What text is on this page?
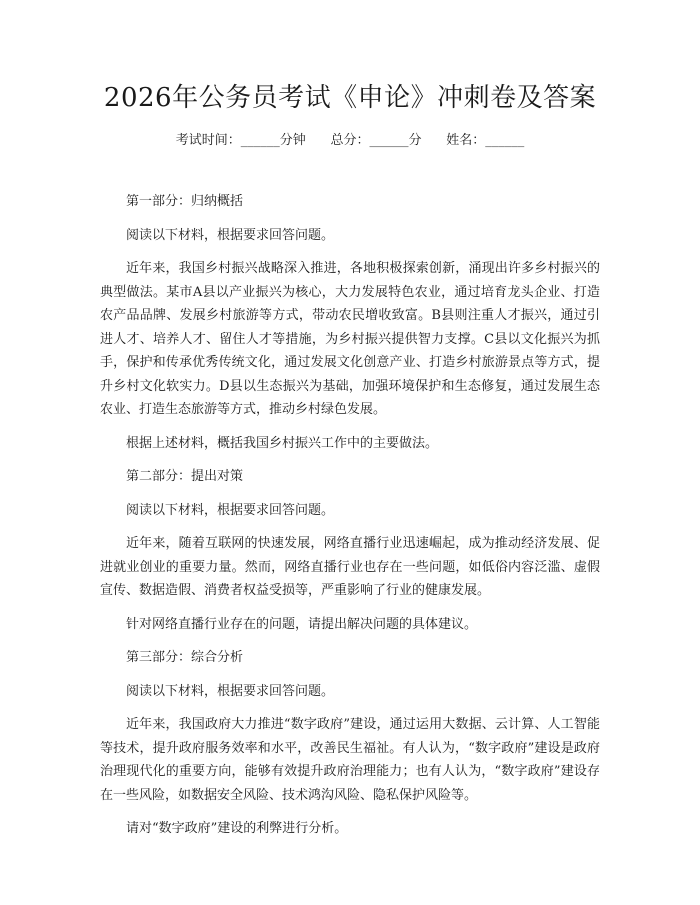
2026年公务员考试《申论》冲刺卷及答案
考试时间：______分钟      总分：______分      姓名：______

第一部分：归纳概括

阅读以下材料，根据要求回答问题。

近年来，我国乡村振兴战略深入推进，各地积极探索创新，涌现出许多乡村振兴的典型做法。某市A县以产业振兴为核心，大力发展特色农业，通过培育龙头企业、打造农产品品牌、发展乡村旅游等方式，带动农民增收致富。B县则注重人才振兴，通过引进人才、培养人才、留住人才等措施，为乡村振兴提供智力支撑。C县以文化振兴为抓手，保护和传承优秀传统文化，通过发展文化创意产业、打造乡村旅游景点等方式，提升乡村文化软实力。D县以生态振兴为基础，加强环境保护和生态修复，通过发展生态农业、打造生态旅游等方式，推动乡村绿色发展。

根据上述材料，概括我国乡村振兴工作中的主要做法。

第二部分：提出对策

阅读以下材料，根据要求回答问题。

近年来，随着互联网的快速发展，网络直播行业迅速崛起，成为推动经济发展、促进就业创业的重要力量。然而，网络直播行业也存在一些问题，如低俗内容泛滥、虚假宣传、数据造假、消费者权益受损等，严重影响了行业的健康发展。

针对网络直播行业存在的问题，请提出解决问题的具体建议。

第三部分：综合分析

阅读以下材料，根据要求回答问题。

近年来，我国政府大力推进“数字政府”建设，通过运用大数据、云计算、人工智能等技术，提升政府服务效率和水平，改善民生福祉。有人认为，“数字政府”建设是政府治理现代化的重要方向，能够有效提升政府治理能力；也有人认为，“数字政府”建设存在一些风险，如数据安全风险、技术鸿沟风险、隐私保护风险等。

请对“数字政府”建设的利弊进行分析。
